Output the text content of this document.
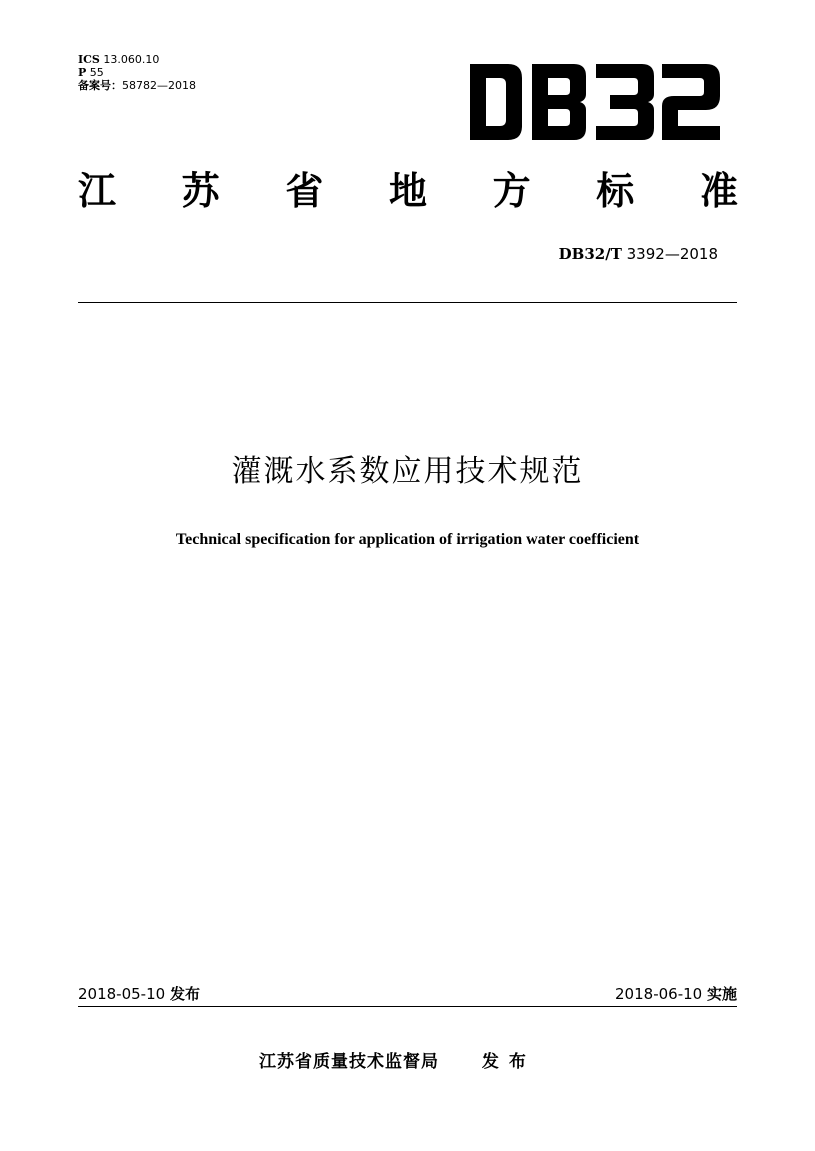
ICS 13.060.10
P 55
备案号：58782—2018
江 苏 省 地 方 标 准
DB32/T 3392—2018
灌溉水系数应用技术规范
Technical specification for application of irrigation water coefficient
2018-05-10 发布	2018-06-10 实施
江苏省质量技术监督局	发布
